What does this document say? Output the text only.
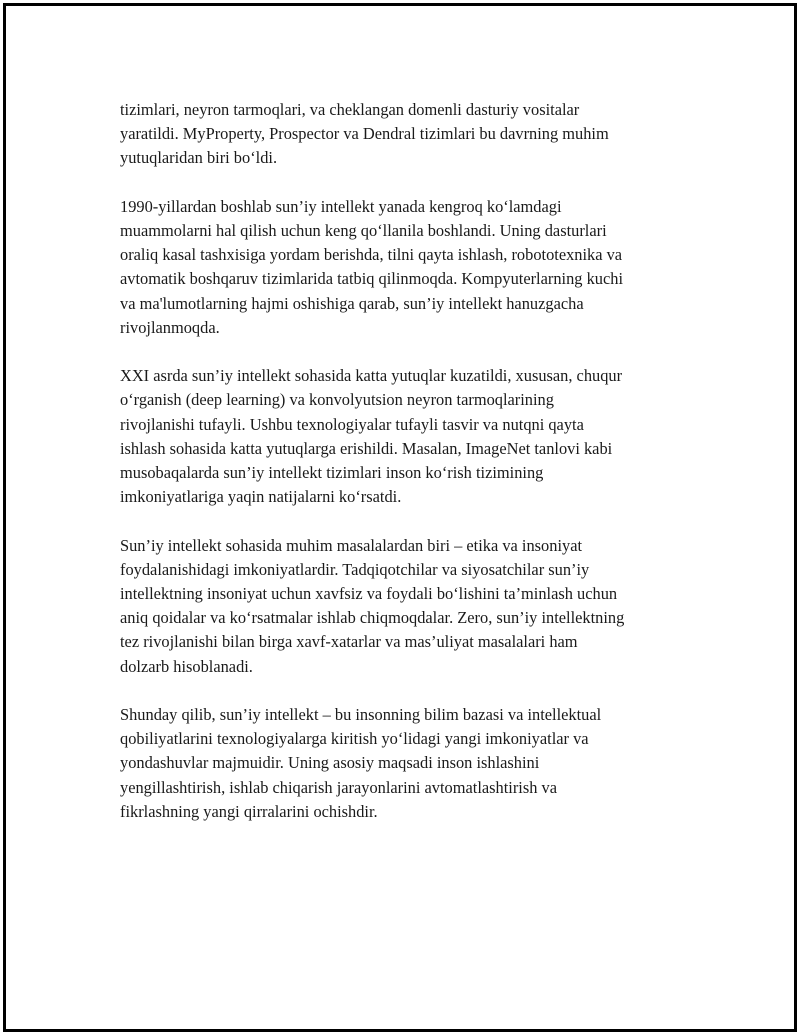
tizimlari, neyron tarmoqlari, va cheklangan domenli dasturiy vositalar
yaratildi. MyProperty, Prospector va Dendral tizimlari bu davrning muhim
yutuqlaridan biri bo‘ldi.

1990-yillardan boshlab sun’iy intellekt yanada kengroq ko‘lamdagi
muammolarni hal qilish uchun keng qo‘llanila boshlandi. Uning dasturlari
oraliq kasal tashxisiga yordam berishda, tilni qayta ishlash, robototexnika va
avtomatik boshqaruv tizimlarida tatbiq qilinmoqda. Kompyuterlarning kuchi
va ma'lumotlarning hajmi oshishiga qarab, sun’iy intellekt hanuzgacha
rivojlanmoqda.

XXI asrda sun’iy intellekt sohasida katta yutuqlar kuzatildi, xususan, chuqur
o‘rganish (deep learning) va konvolyutsion neyron tarmoqlarining
rivojlanishi tufayli. Ushbu texnologiyalar tufayli tasvir va nutqni qayta
ishlash sohasida katta yutuqlarga erishildi. Masalan, ImageNet tanlovi kabi
musobaqalarda sun’iy intellekt tizimlari inson ko‘rish tizimining
imkoniyatlariga yaqin natijalarni ko‘rsatdi.

Sun’iy intellekt sohasida muhim masalalardan biri – etika va insoniyat
foydalanishidagi imkoniyatlardir. Tadqiqotchilar va siyosatchilar sun’iy
intellektning insoniyat uchun xavfsiz va foydali bo‘lishini ta’minlash uchun
aniq qoidalar va ko‘rsatmalar ishlab chiqmoqdalar. Zero, sun’iy intellektning
tez rivojlanishi bilan birga xavf-xatarlar va mas’uliyat masalalari ham
dolzarb hisoblanadi.

Shunday qilib, sun’iy intellekt – bu insonning bilim bazasi va intellektual
qobiliyatlarini texnologiyalarga kiritish yo‘lidagi yangi imkoniyatlar va
yondashuvlar majmuidir. Uning asosiy maqsadi inson ishlashini
yengillashtirish, ishlab chiqarish jarayonlarini avtomatlashtirish va
fikrlashning yangi qirralarini ochishdir.
